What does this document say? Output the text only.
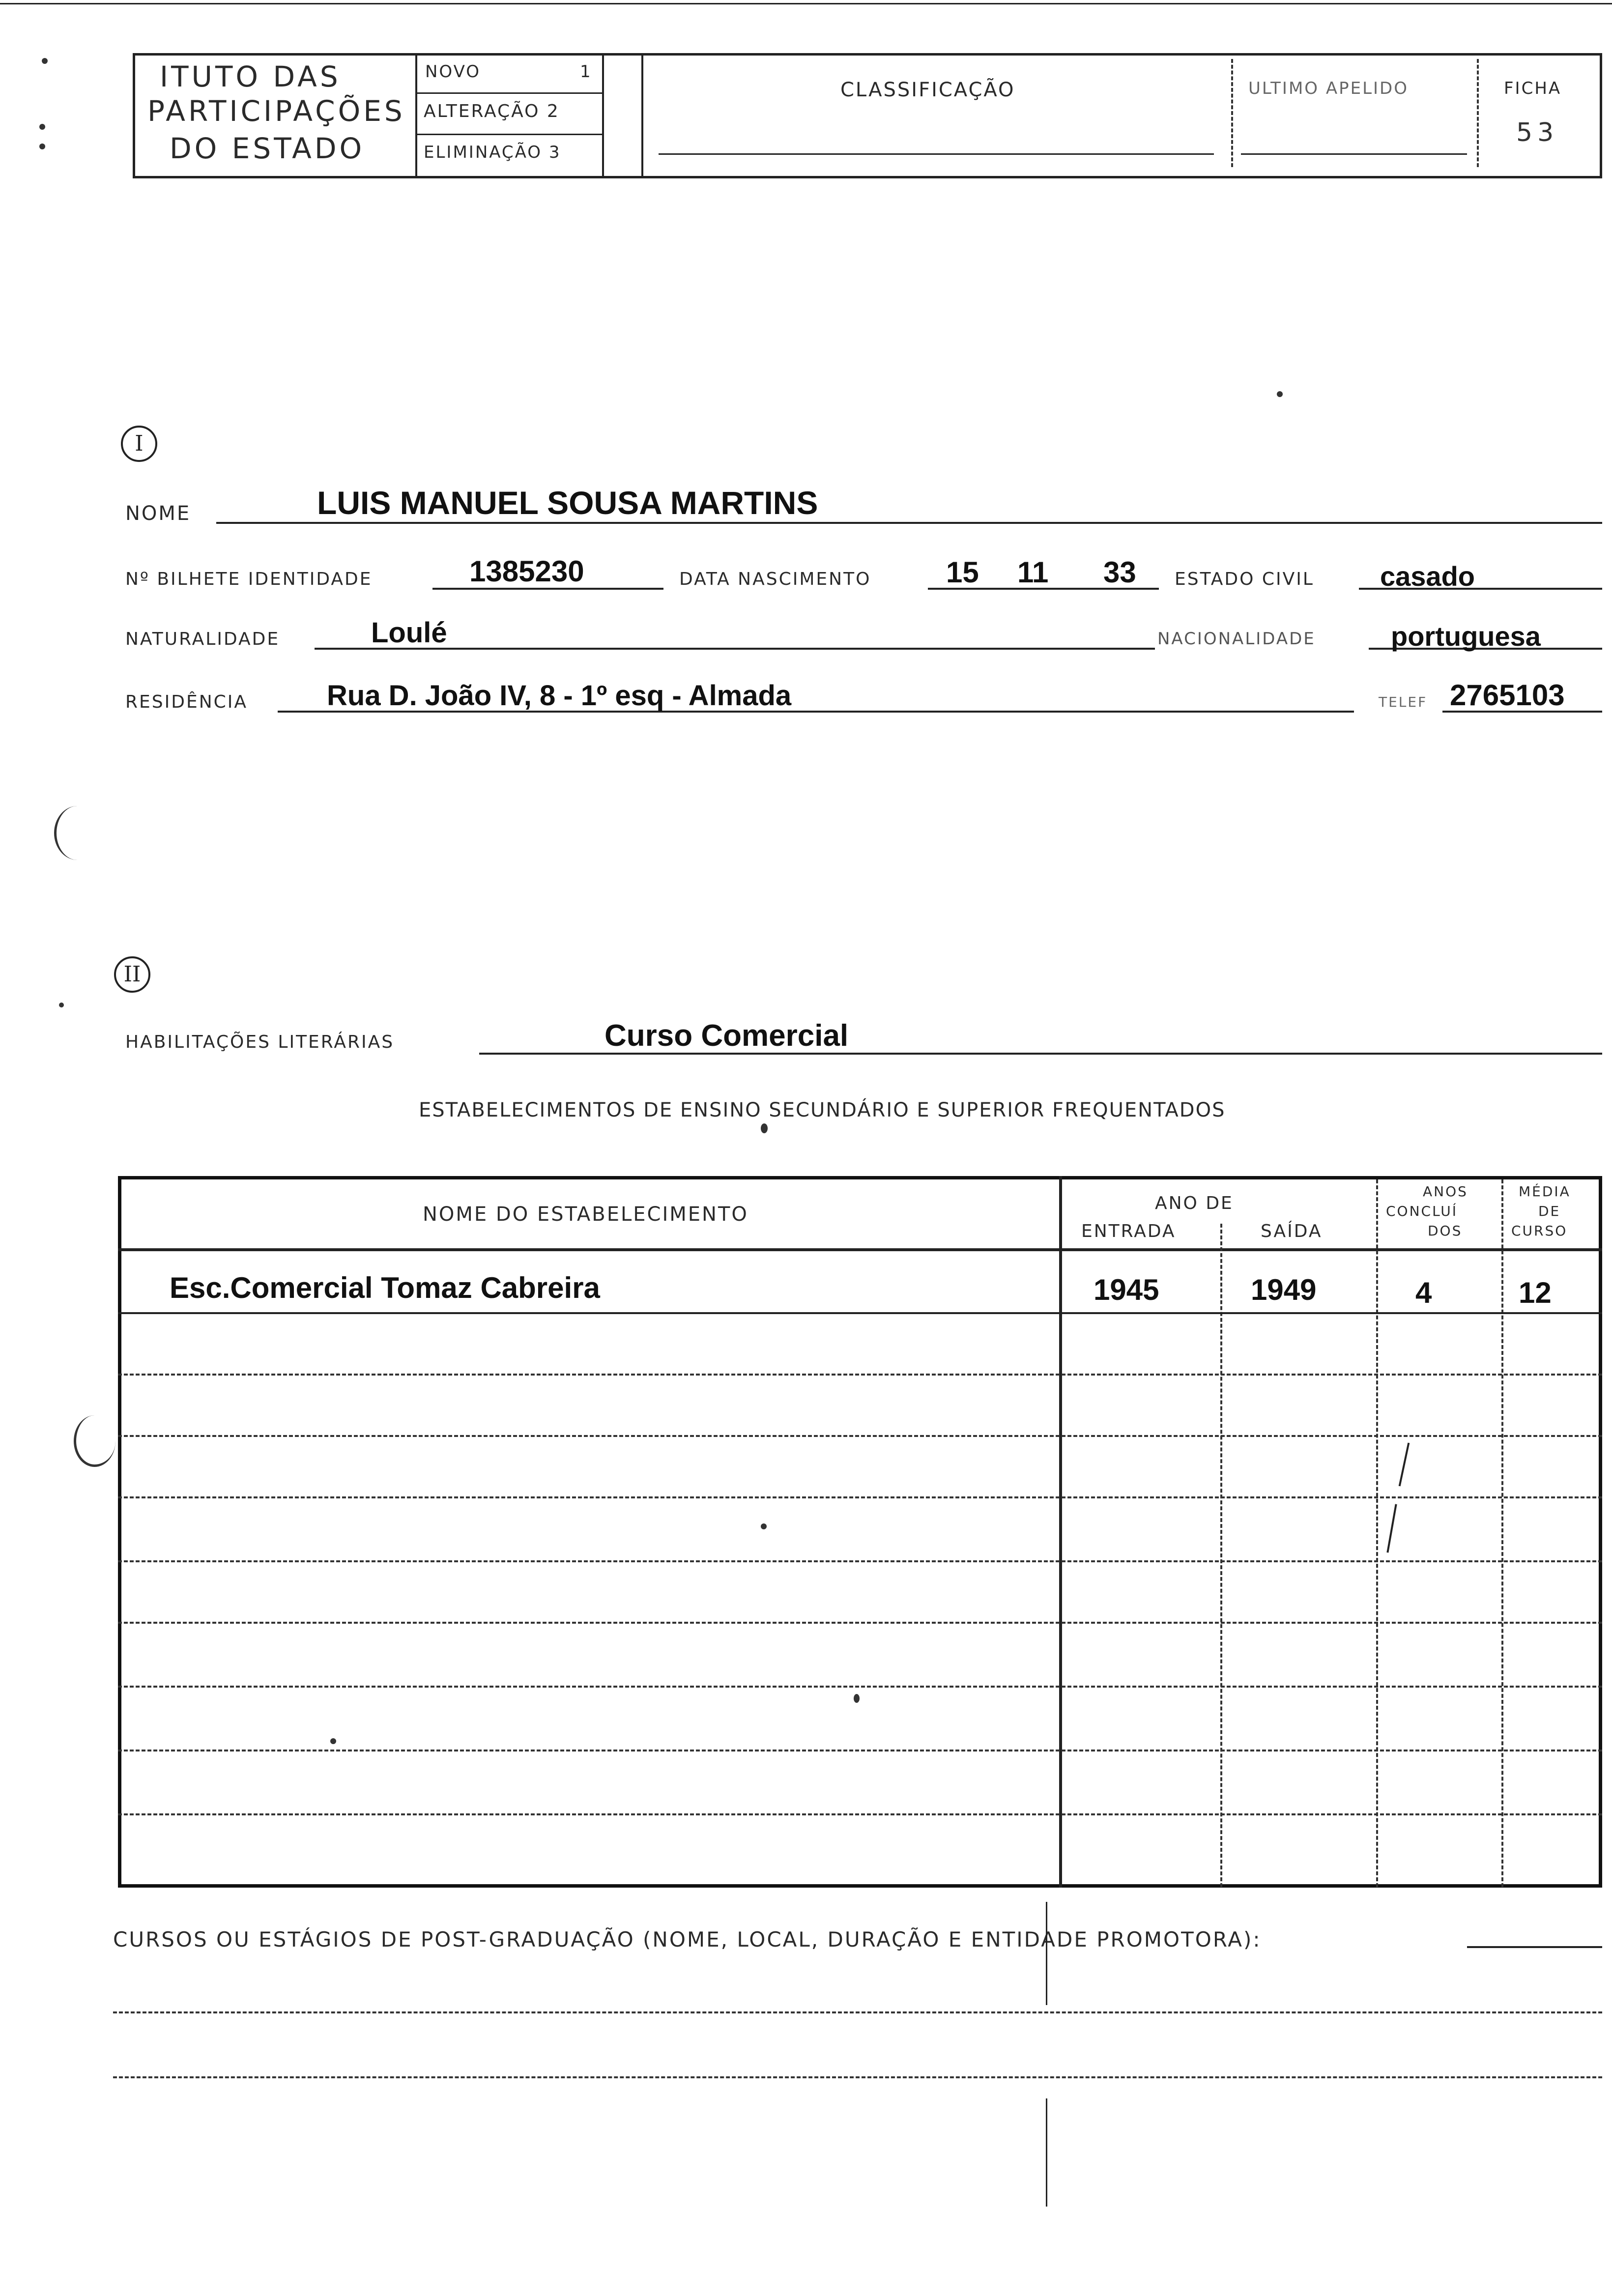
ITUTO DAS
PARTICIPAÇÕES
DO ESTADO
NOVO	1
ALTERAÇÃO 2
ELIMINAÇÃO 3
CLASSIFICAÇÃO	ULTIMO APELIDO	FICHA
53
I
NOME	LUIS MANUEL SOUSA MARTINS
Nº BILHETE IDENTIDADE	1385230	DATA NASCIMENTO	15 11 33 ESTADO CIVIL casado
NATURALIDADE	Loulé	NACIONALIDADE	portuguesa
RESIDÊNCIA	Rua D. João IV, 8 - 1º esq - Almada	TELEF 2765103
II
HABILITAÇÕES LITERÁRIAS	Curso Comercial
ESTABELECIMENTOS DE ENSINO SECUNDÁRIO E SUPERIOR FREQUENTADOS
NOME DO ESTABELECIMENTO	ANO DE
ENTRADA	SAÍDA
ANOS
CONCLUÍ
DOS
MÉDIA
DE
CURSO
Esc.Comercial Tomaz Cabreira	1945	1949	4	12
CURSOS OU ESTÁGIOS DE POST-GRADUAÇÃO (NOME, LOCAL, DURAÇÃO E ENTIDADE PROMOTORA):
